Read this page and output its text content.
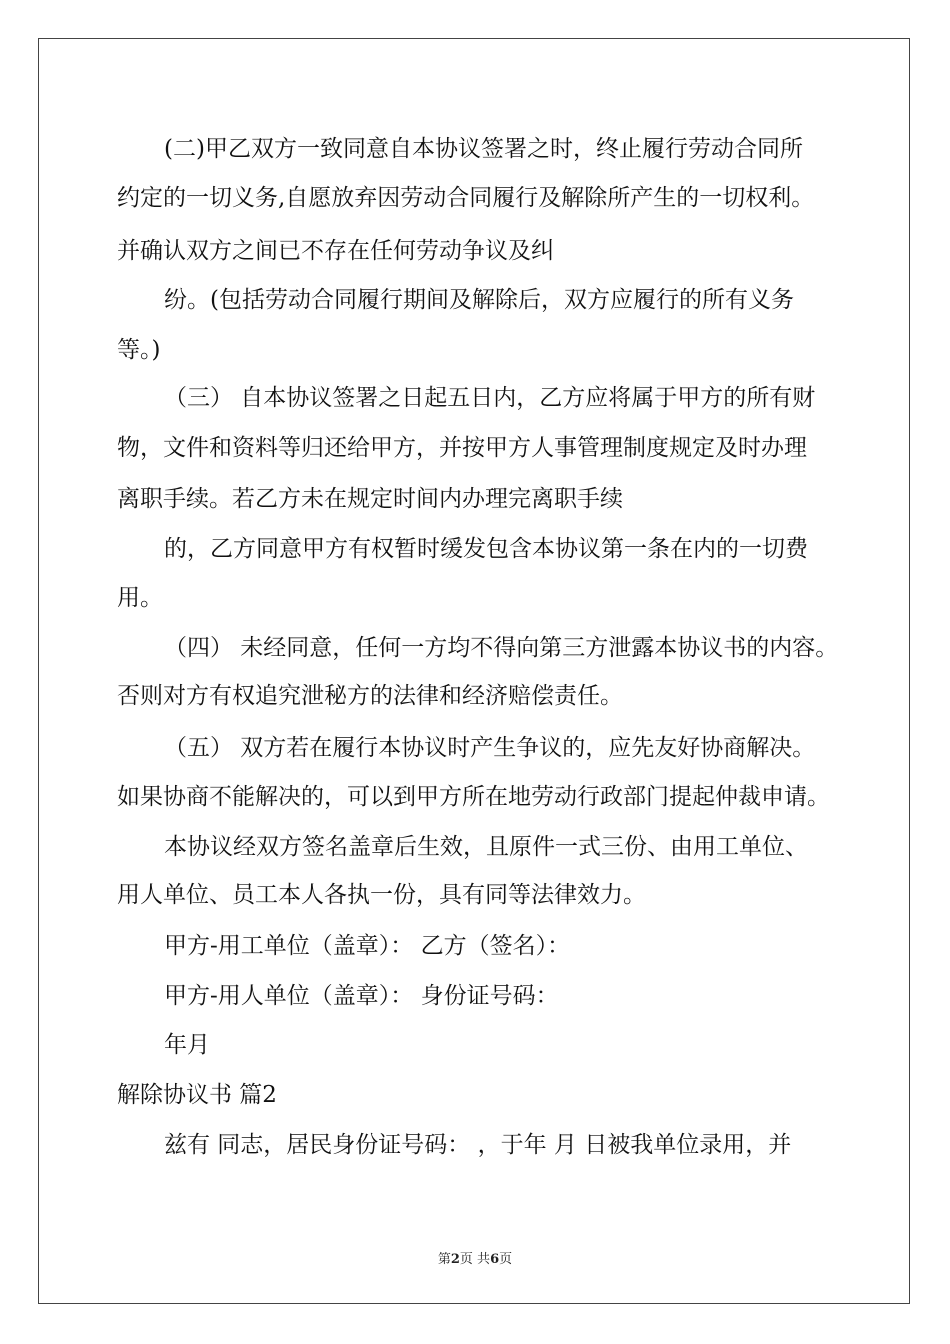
(二)甲乙双方一致同意自本协议签署之时，终止履行劳动合同所

约定的一切义务,自愿放弃因劳动合同履行及解除所产生的一切权利。

并确认双方之间已不存在任何劳动争议及纠

纷。(包括劳动合同履行期间及解除后，双方应履行的所有义务

等。)

（三） 自本协议签署之日起五日内，乙方应将属于甲方的所有财

物，文件和资料等归还给甲方，并按甲方人事管理制度规定及时办理

离职手续。若乙方未在规定时间内办理完离职手续

的，乙方同意甲方有权暂时缓发包含本协议第一条在内的一切费

用。

（四） 未经同意，任何一方均不得向第三方泄露本协议书的内容。

否则对方有权追究泄秘方的法律和经济赔偿责任。

（五） 双方若在履行本协议时产生争议的，应先友好协商解决。

如果协商不能解决的，可以到甲方所在地劳动行政部门提起仲裁申请。

本协议经双方签名盖章后生效，且原件一式三份、由用工单位、

用人单位、员工本人各执一份，具有同等法律效力。

甲方-用工单位（盖章）： 乙方（签名）：

甲方-用人单位（盖章）： 身份证号码：

年月

解除协议书 篇2

兹有 同志，居民身份证号码： ，于年 月 日被我单位录用，并

第2页 共6页
